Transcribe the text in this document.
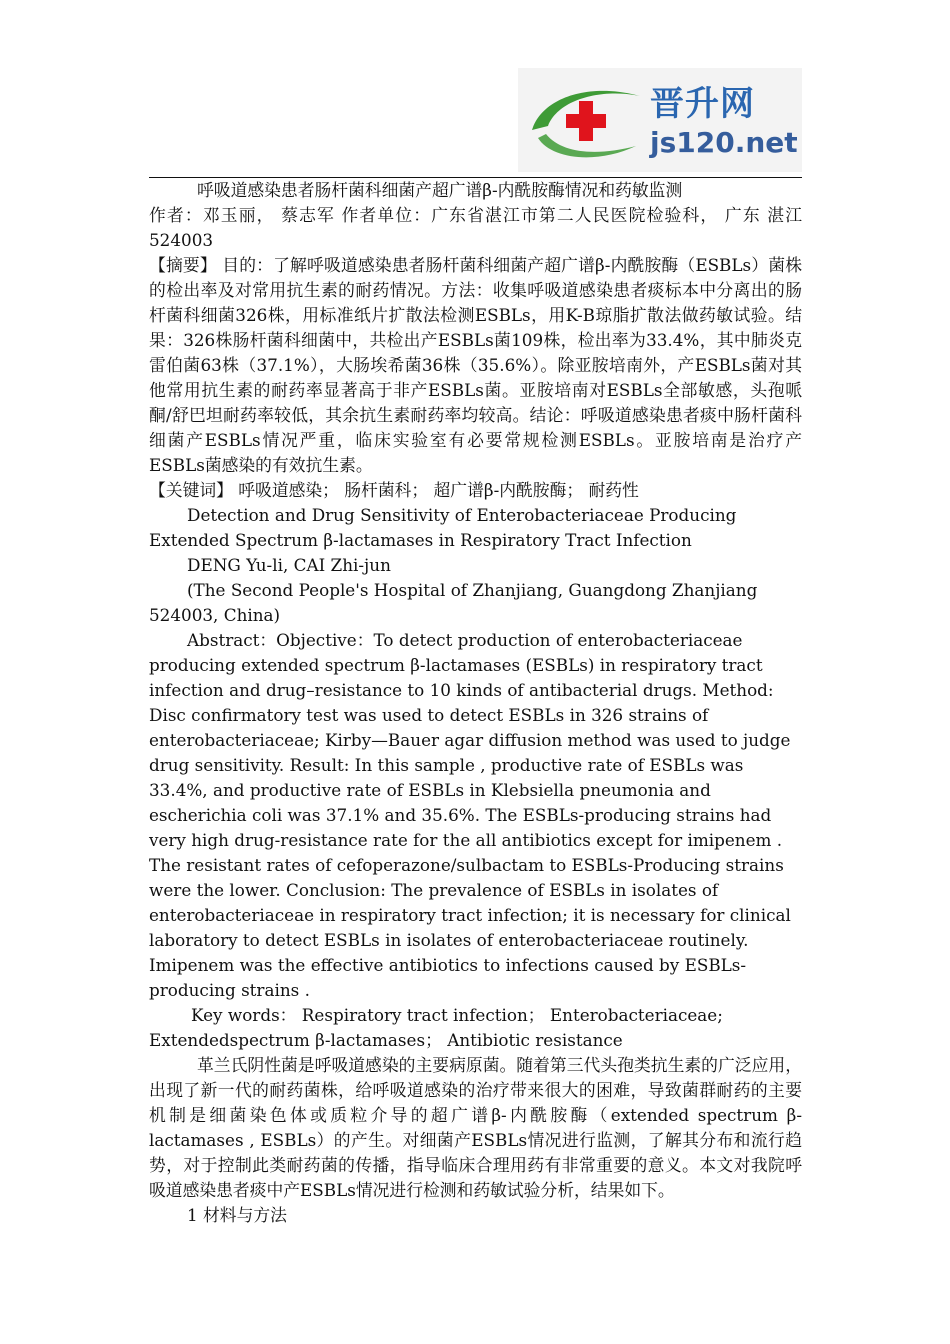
晋升网
js120.net

呼吸道感染患者肠杆菌科细菌产超广谱β-内酰胺酶情况和药敏监测

作者：邓玉丽， 蔡志军 作者单位：广东省湛江市第二人民医院检验科， 广东 湛江 524003

【摘要】 目的：了解呼吸道感染患者肠杆菌科细菌产超广谱β-内酰胺酶（ESBLs）菌株的检出率及对常用抗生素的耐药情况。方法：收集呼吸道感染患者痰标本中分离出的肠杆菌科细菌326株，用标准纸片扩散法检测ESBLs，用K-B琼脂扩散法做药敏试验。结果：326株肠杆菌科细菌中，共检出产ESBLs菌109株，检出率为33.4%，其中肺炎克雷伯菌63株（37.1%），大肠埃希菌36株（35.6%）。除亚胺培南外，产ESBLs菌对其他常用抗生素的耐药率显著高于非产ESBLs菌。亚胺培南对ESBLs全部敏感，头孢哌酮/舒巴坦耐药率较低，其余抗生素耐药率均较高。结论：呼吸道感染患者痰中肠杆菌科细菌产ESBLs情况严重，临床实验室有必要常规检测ESBLs。亚胺培南是治疗产ESBLs菌感染的有效抗生素。

【关键词】 呼吸道感染； 肠杆菌科； 超广谱β-内酰胺酶； 耐药性

Detection and Drug Sensitivity of Enterobacteriaceae Producing Extended Spectrum β-lactamases in Respiratory Tract Infection

DENG Yu-li, CAI Zhi-jun

(The Second People's Hospital of Zhanjiang, Guangdong Zhanjiang 524003, China)

Abstract：Objective：To detect production of enterobacteriaceae producing extended spectrum β-lactamases (ESBLs) in respiratory tract infection and drug–resistance to 10 kinds of antibacterial drugs. Method: Disc confirmatory test was used to detect ESBLs in 326 strains of enterobacteriaceae; Kirby—Bauer agar diffusion method was used to judge drug sensitivity. Result: In this sample , productive rate of ESBLs was 33.4%, and productive rate of ESBLs in Klebsiella pneumonia and escherichia coli was 37.1% and 35.6%. The ESBLs-producing strains had very high drug-resistance rate for the all antibiotics except for imipenem . The resistant rates of cefoperazone/sulbactam to ESBLs-Producing strains were the lower. Conclusion: The prevalence of ESBLs in isolates of enterobacteriaceae in respiratory tract infection; it is necessary for clinical laboratory to detect ESBLs in isolates of enterobacteriaceae routinely. Imipenem was the effective antibiotics to infections caused by ESBLs-producing strains .

Key words： Respiratory tract infection； Enterobacteriaceae; Extendedspectrum β-lactamases； Antibiotic resistance

革兰氏阴性菌是呼吸道感染的主要病原菌。随着第三代头孢类抗生素的广泛应用，出现了新一代的耐药菌株，给呼吸道感染的治疗带来很大的困难，导致菌群耐药的主要机制是细菌染色体或质粒介导的超广谱β-内酰胺酶（extended spectrum β-lactamases , ESBLs）的产生。对细菌产ESBLs情况进行监测，了解其分布和流行趋势，对于控制此类耐药菌的传播，指导临床合理用药有非常重要的意义。本文对我院呼吸道感染患者痰中产ESBLs情况进行检测和药敏试验分析，结果如下。

1 材料与方法
